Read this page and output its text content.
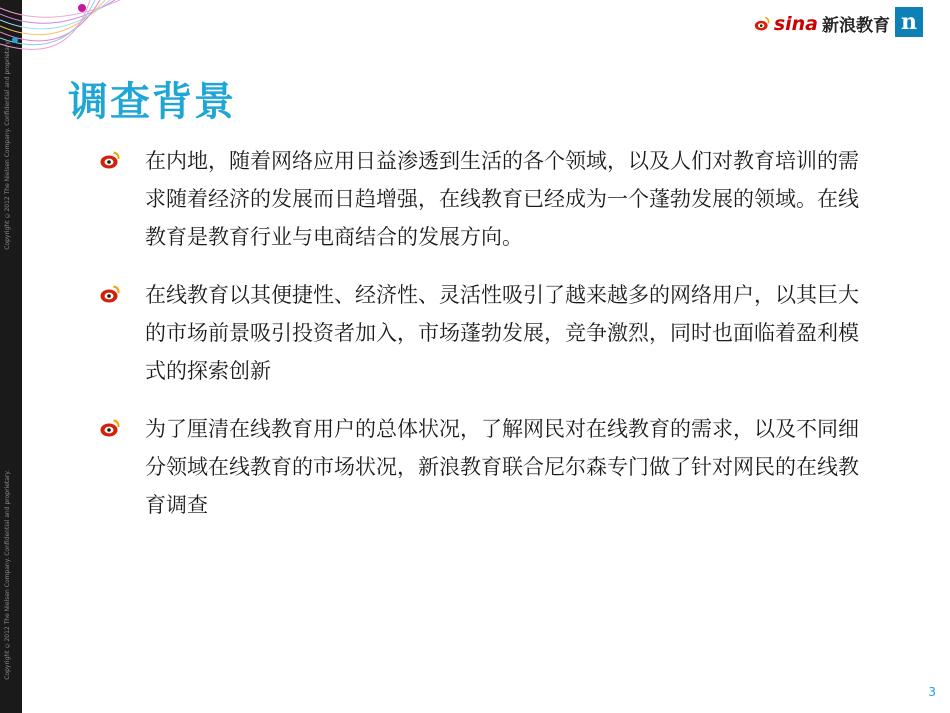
Copyright ©2012 The Nielsen Company. Confidential and proprietary.
Copyright ©2012 The Nielsen Company. Confidential and proprietary.
调查背景
sina 新浪教育 n
在内地，随着网络应用日益渗透到生活的各个领域，以及人们对教育培训的需求随着经济的发展而日趋增强，在线教育已经成为一个蓬勃发展的领域。在线教育是教育行业与电商结合的发展方向。
在线教育以其便捷性、经济性、灵活性吸引了越来越多的网络用户，以其巨大的市场前景吸引投资者加入，市场蓬勃发展，竞争激烈，同时也面临着盈利模式的探索创新
为了厘清在线教育用户的总体状况，了解网民对在线教育的需求，以及不同细分领域在线教育的市场状况，新浪教育联合尼尔森专门做了针对网民的在线教育调查
3
